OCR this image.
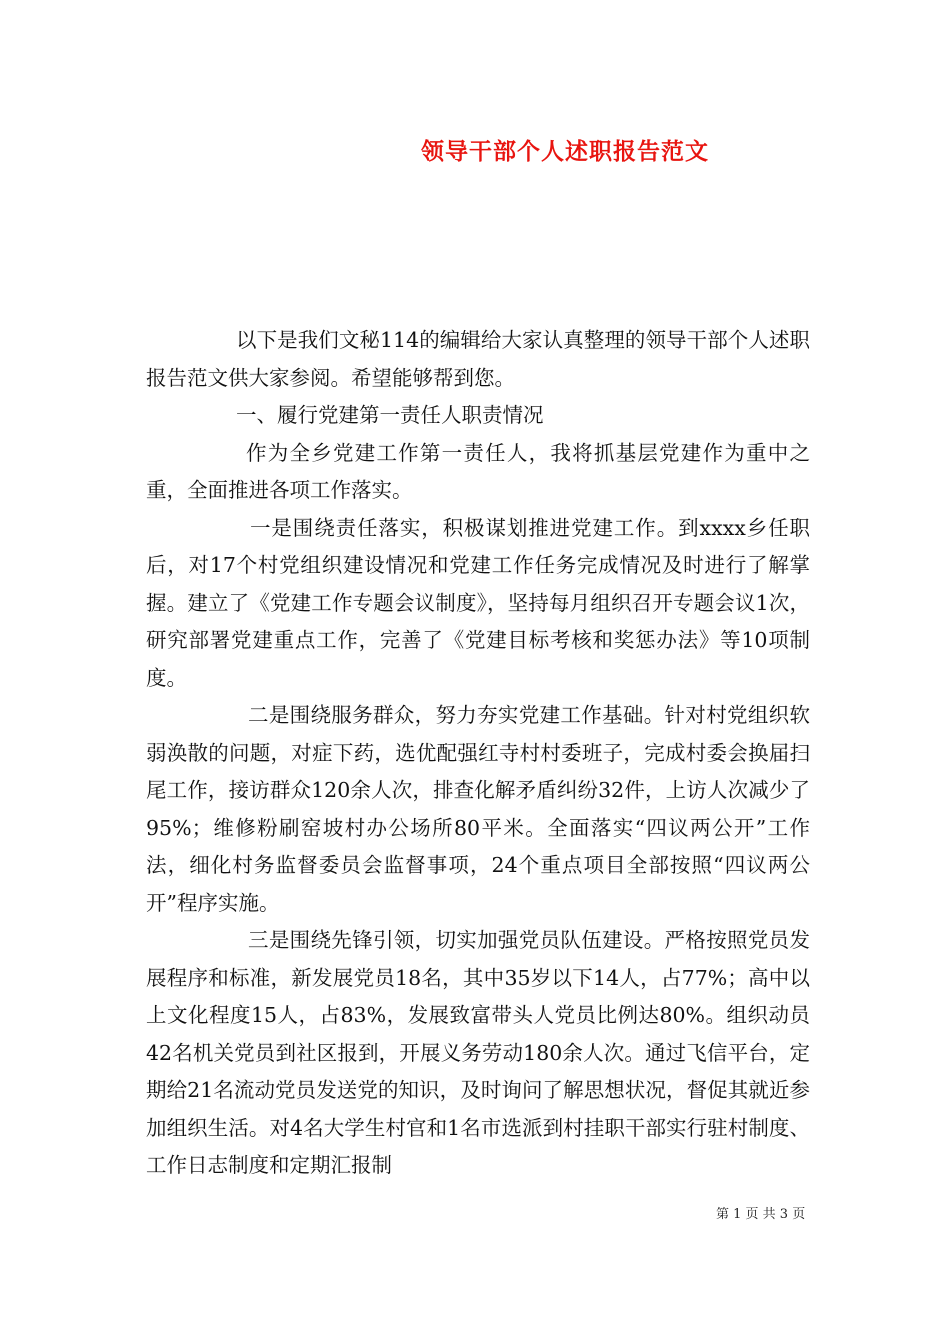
领导干部个人述职报告范文

以下是我们文秘114的编辑给大家认真整理的领导干部个人述职报告范文供大家参阅。希望能够帮到您。

一、履行党建第一责任人职责情况

作为全乡党建工作第一责任人，我将抓基层党建作为重中之重，全面推进各项工作落实。

一是围绕责任落实，积极谋划推进党建工作。到xxxx乡任职后，对17个村党组织建设情况和党建工作任务完成情况及时进行了解掌握。建立了《党建工作专题会议制度》，坚持每月组织召开专题会议1次，研究部署党建重点工作，完善了《党建目标考核和奖惩办法》等10项制度。

二是围绕服务群众，努力夯实党建工作基础。针对村党组织软弱涣散的问题，对症下药，选优配强红寺村村委班子，完成村委会换届扫尾工作，接访群众120余人次，排查化解矛盾纠纷32件，上访人次减少了95%；维修粉刷窑坡村办公场所80平米。全面落实“四议两公开”工作法，细化村务监督委员会监督事项，24个重点项目全部按照“四议两公开”程序实施。

三是围绕先锋引领，切实加强党员队伍建设。严格按照党员发展程序和标准，新发展党员18名，其中35岁以下14人，占77%；高中以上文化程度15人，占83%，发展致富带头人党员比例达80%。组织动员42名机关党员到社区报到，开展义务劳动180余人次。通过飞信平台，定期给21名流动党员发送党的知识，及时询问了解思想状况，督促其就近参加组织生活。对4名大学生村官和1名市选派到村挂职干部实行驻村制度、工作日志制度和定期汇报制

第 1 页 共 3 页
